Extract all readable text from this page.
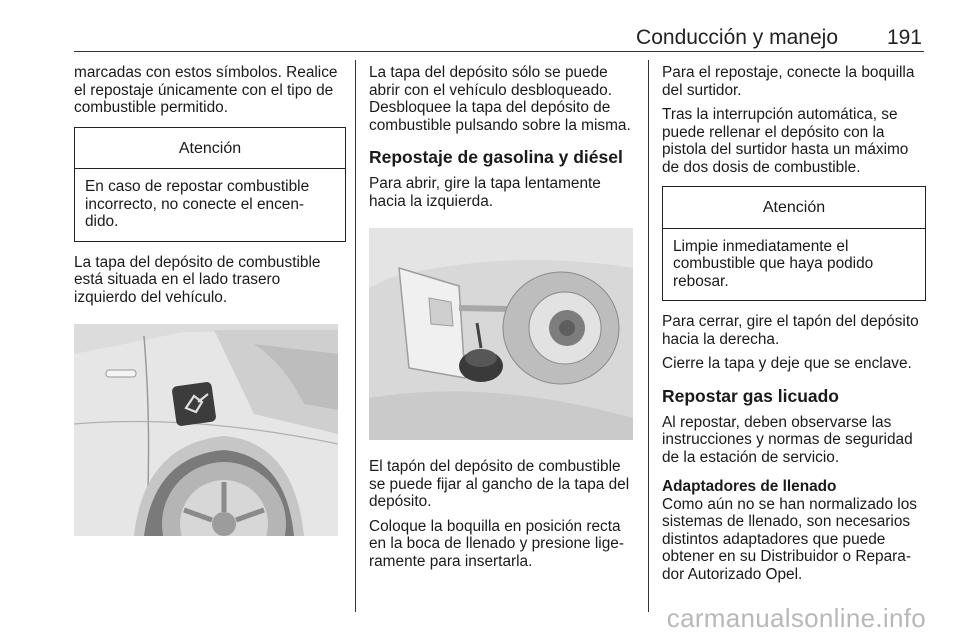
Conducción y manejo 191

marcadas con estos símbolos. Realice el repostaje únicamente con el tipo de combustible permitido.

Atención
En caso de repostar combustible incorrecto, no conecte el encen-dido.

La tapa del depósito de combustible está situada en el lado trasero izquierdo del vehículo.

La tapa del depósito sólo se puede abrir con el vehículo desbloqueado. Desbloquee la tapa del depósito de combustible pulsando sobre la misma.

Repostaje de gasolina y diésel

Para abrir, gire la tapa lentamente hacia la izquierda.

El tapón del depósito de combustible se puede fijar al gancho de la tapa del depósito.

Coloque la boquilla en posición recta en la boca de llenado y presione lige-ramente para insertarla.

Para el repostaje, conecte la boquilla del surtidor.

Tras la interrupción automática, se puede rellenar el depósito con la pistola del surtidor hasta un máximo de dos dosis de combustible.

Atención
Limpie inmediatamente el combustible que haya podido rebosar.

Para cerrar, gire el tapón del depósito hacia la derecha.

Cierre la tapa y deje que se enclave.

Repostar gas licuado

Al repostar, deben observarse las instrucciones y normas de seguridad de la estación de servicio.

Adaptadores de llenado

Como aún no se han normalizado los sistemas de llenado, son necesarios distintos adaptadores que puede obtener en su Distribuidor o Repara-dor Autorizado Opel.

carmanualsonline.info
